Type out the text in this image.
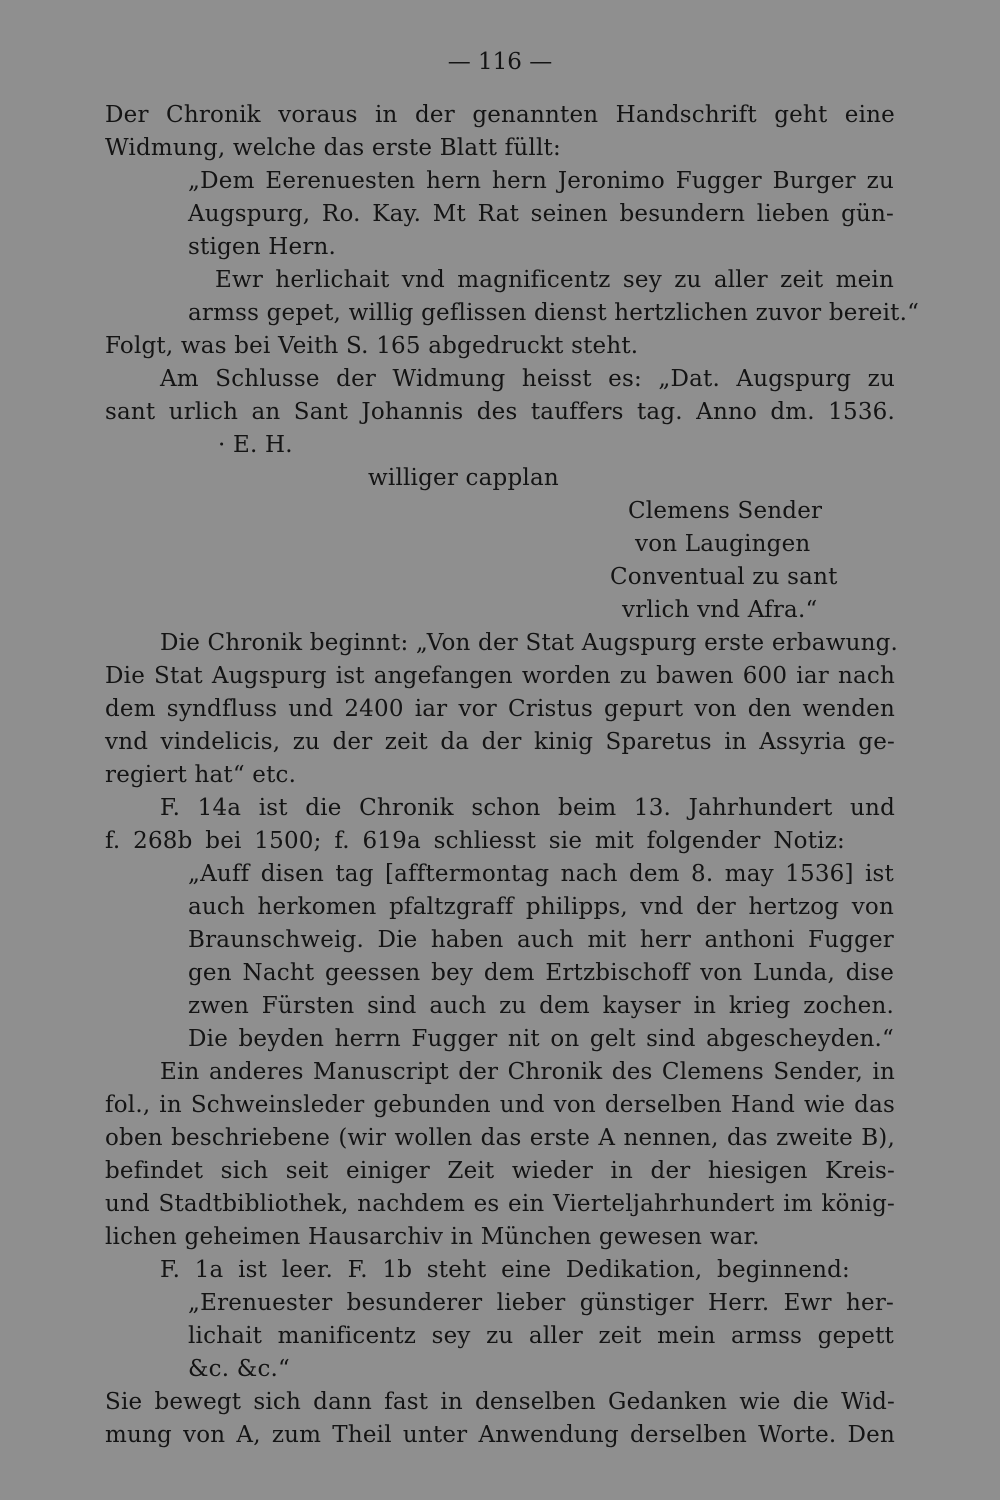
— 116 —
Der Chronik voraus in der genannten Handschrift geht eine
Widmung, welche das erste Blatt füllt:
„Dem Eerenuesten hern hern Jeronimo Fugger Burger zu
Augspurg, Ro. Kay. Mt Rat seinen besundern lieben gün-
stigen Hern.
Ewr herlichait vnd magnificentz sey zu aller zeit mein
armss gepet, willig geflissen dienst hertzlichen zuvor bereit.“
Folgt, was bei Veith S. 165 abgedruckt steht.
Am Schlusse der Widmung heisst es: „Dat. Augspurg zu
sant urlich an Sant Johannis des tauffers tag. Anno dm. 1536.
· E. H.
williger capplan
Clemens Sender
von Laugingen
Conventual zu sant
vrlich vnd Afra.“
Die Chronik beginnt: „Von der Stat Augspurg erste erbawung.
Die Stat Augspurg ist angefangen worden zu bawen 600 iar nach
dem syndfluss und 2400 iar vor Cristus gepurt von den wenden
vnd vindelicis, zu der zeit da der kinig Sparetus in Assyria ge-
regiert hat“ etc.
F. 14a ist die Chronik schon beim 13. Jahrhundert und
f. 268b bei 1500; f. 619a schliesst sie mit folgender Notiz:
„Auff disen tag [afftermontag nach dem 8. may 1536] ist
auch herkomen pfaltzgraff philipps, vnd der hertzog von
Braunschweig. Die haben auch mit herr anthoni Fugger
gen Nacht geessen bey dem Ertzbischoff von Lunda, dise
zwen Fürsten sind auch zu dem kayser in krieg zochen.
Die beyden herrn Fugger nit on gelt sind abgescheyden.“
Ein anderes Manuscript der Chronik des Clemens Sender, in
fol., in Schweinsleder gebunden und von derselben Hand wie das
oben beschriebene (wir wollen das erste A nennen, das zweite B),
befindet sich seit einiger Zeit wieder in der hiesigen Kreis-
und Stadtbibliothek, nachdem es ein Vierteljahrhundert im könig-
lichen geheimen Hausarchiv in München gewesen war.
F. 1a ist leer. F. 1b steht eine Dedikation, beginnend:
„Erenuester besunderer lieber günstiger Herr. Ewr her-
lichait manificentz sey zu aller zeit mein armss gepett
&c. &c.“
Sie bewegt sich dann fast in denselben Gedanken wie die Wid-
mung von A, zum Theil unter Anwendung derselben Worte. Den
